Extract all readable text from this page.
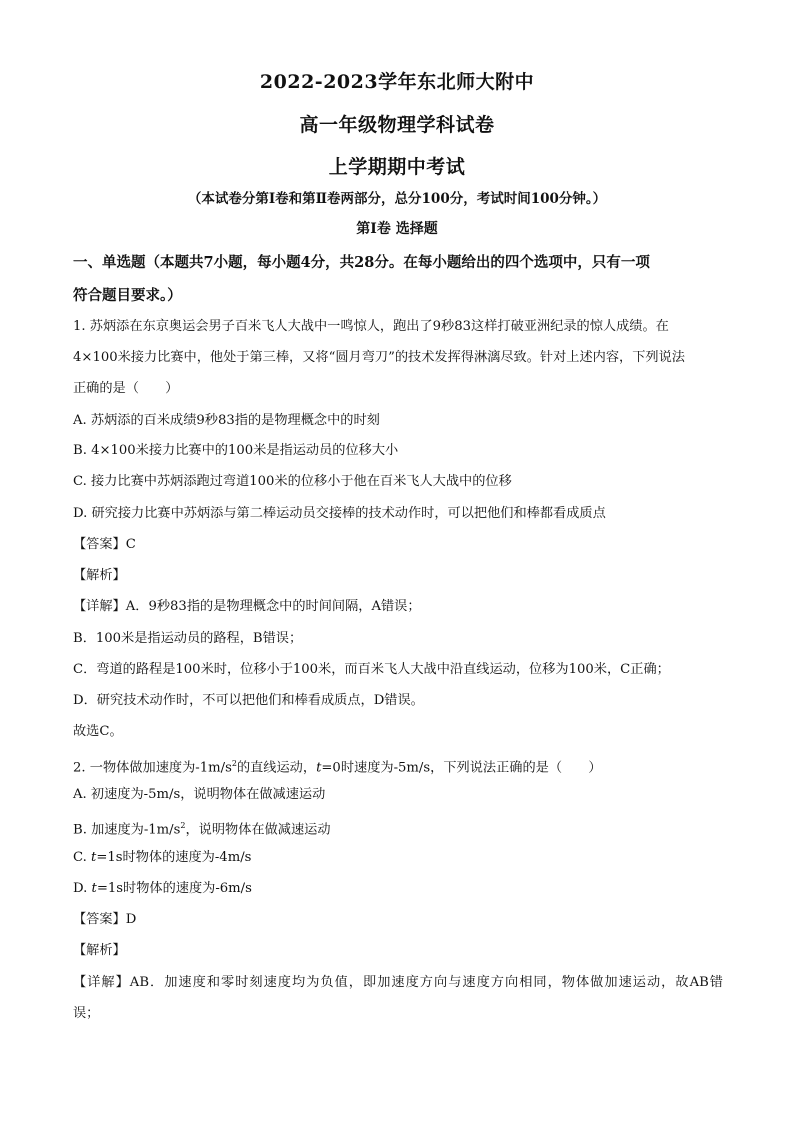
2022-2023学年东北师大附中
高一年级物理学科试卷
上学期期中考试
（本试卷分第Ⅰ卷和第Ⅱ卷两部分，总分100分，考试时间100分钟。）
第Ⅰ卷 选择题
一、单选题（本题共7小题，每小题4分，共28分。在每小题给出的四个选项中，只有一项
符合题目要求。）
1. 苏炳添在东京奥运会男子百米飞人大战中一鸣惊人，跑出了9秒83这样打破亚洲纪录的惊人成绩。在
4×100米接力比赛中，他处于第三棒，又将“圆月弯刀”的技术发挥得淋漓尽致。针对上述内容，下列说法
正确的是（　　）
A. 苏炳添的百米成绩9秒83指的是物理概念中的时刻
B. 4×100米接力比赛中的100米是指运动员的位移大小
C. 接力比赛中苏炳添跑过弯道100米的位移小于他在百米飞人大战中的位移
D. 研究接力比赛中苏炳添与第二棒运动员交接棒的技术动作时，可以把他们和棒都看成质点
【答案】C
【解析】
【详解】A．9秒83指的是物理概念中的时间间隔，A错误；
B．100米是指运动员的路程，B错误；
C．弯道的路程是100米时，位移小于100米，而百米飞人大战中沿直线运动，位移为100米，C正确；
D．研究技术动作时，不可以把他们和棒看成质点，D错误。
故选C。
2. 一物体做加速度为$-1m/s^2$的直线运动，t=0时速度为-5m/s，下列说法正确的是（　　）
A. 初速度为-5m/s，说明物体在做减速运动
B. 加速度为$-1m/s^2$，说明物体在做减速运动
C. t=1s时物体的速度为-4m/s
D. t=1s时物体的速度为-6m/s
【答案】D
【解析】
【详解】AB．加速度和零时刻速度均为负值，即加速度方向与速度方向相同，物体做加速运动，故AB错
误；
